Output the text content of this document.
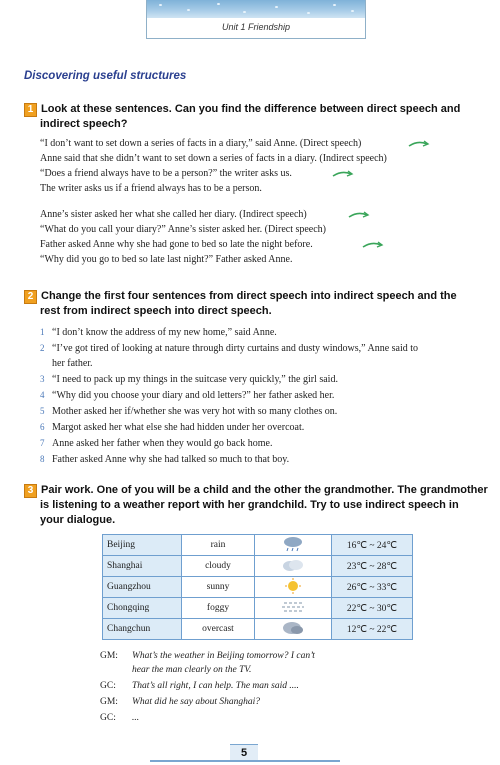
Unit 1 Friendship
Discovering useful structures
1 Look at these sentences. Can you find the difference between direct speech and
indirect speech?
“I don’t want to set down a series of facts in a diary,” said Anne. (Direct speech)
Anne said that she didn’t want to set down a series of facts in a diary. (Indirect speech)
“Does a friend always have to be a person?” the writer asks us.
The writer asks us if a friend always has to be a person.
Anne’s sister asked her what she called her diary. (Indirect speech)
“What do you call your diary?” Anne’s sister asked her. (Direct speech)
Father asked Anne why she had gone to bed so late the night before.
“Why did you go to bed so late last night?” Father asked Anne.
2 Change the first four sentences from direct speech into indirect speech and the
rest from indirect speech into direct speech.
1 “I don’t know the address of my new home,” said Anne.
2 “I’ve got tired of looking at nature through dirty curtains and dusty windows,” Anne said to
her father.
3 “I need to pack up my things in the suitcase very quickly,” the girl said.
4 “Why did you choose your diary and old letters?” her father asked her.
5 Mother asked her if/whether she was very hot with so many clothes on.
6 Margot asked her what else she had hidden under her overcoat.
7 Anne asked her father when they would go back home.
8 Father asked Anne why she had talked so much to that boy.
3 Pair work. One of you will be a child and the other the grandmother. The grandmother
is listening to a weather report with her grandchild. Try to use indirect speech in
your dialogue.
Beijing	rain		16℃ ~ 24℃
Shanghai	cloudy		23℃ ~ 28℃
Guangzhou	sunny		26℃ ~ 33℃
Chongqing	foggy		22℃ ~ 30℃
Changchun	overcast		12℃ ~ 22℃
GM: What’s the weather in Beijing tomorrow? I can’t
hear the man clearly on the TV.
GC: That’s all right, I can help. The man said ....
GM: What did he say about Shanghai?
GC: ...
5
